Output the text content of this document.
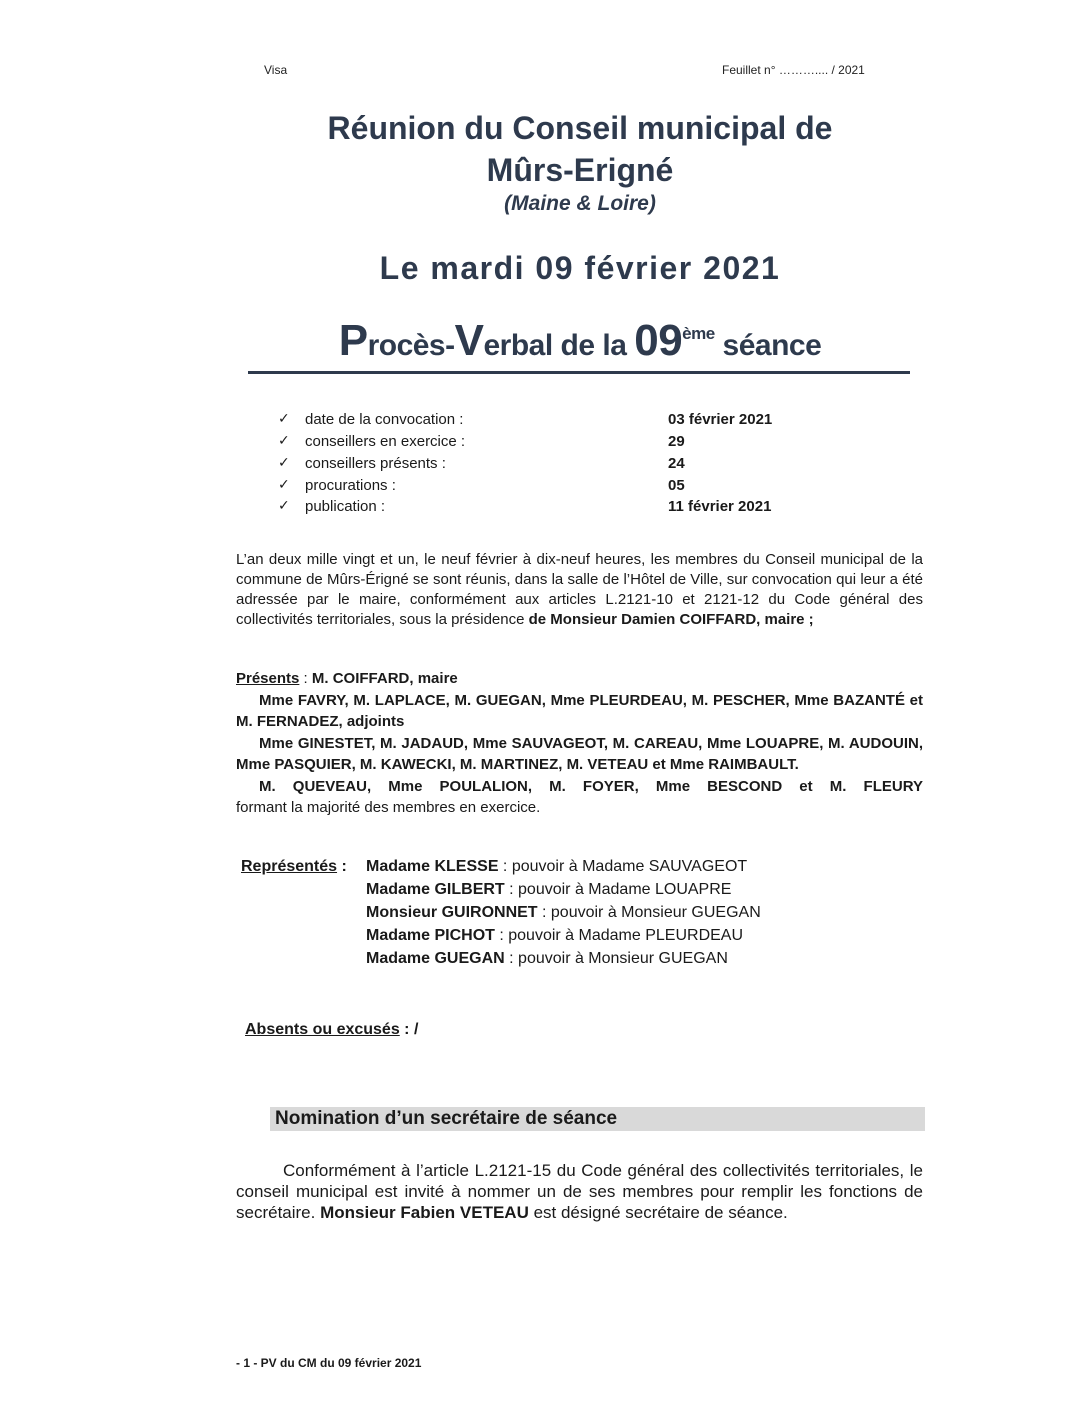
Visa	Feuillet n° ……….... / 2021
Réunion du Conseil municipal de
Mûrs-Erigné
(Maine & Loire)
Le mardi 09 février 2021
Procès-Verbal de la 09ème séance
✓ date de la convocation :	03 février 2021
✓ conseillers en exercice :	29
✓ conseillers présents :	24
✓ procurations :	05
✓ publication :	11 février 2021
L’an deux mille vingt et un, le neuf février à dix-neuf heures, les membres du Conseil municipal de la commune de Mûrs-Érigné se sont réunis, dans la salle de l’Hôtel de Ville, sur convocation qui leur a été adressée par le maire, conformément aux articles L.2121-10 et 2121-12 du Code général des collectivités territoriales, sous la présidence de Monsieur Damien COIFFARD, maire ;
Présents : M. COIFFARD, maire
Mme FAVRY, M. LAPLACE, M. GUEGAN, Mme PLEURDEAU, M. PESCHER, Mme BAZANTÉ et M. FERNADEZ, adjoints
Mme GINESTET, M. JADAUD, Mme SAUVAGEOT, M. CAREAU, Mme LOUAPRE, M. AUDOUIN, Mme PASQUIER, M. KAWECKI, M. MARTINEZ, M. VETEAU et Mme RAIMBAULT.
M. QUEVEAU, Mme POULALION, M. FOYER, Mme BESCOND et M. FLEURY
formant la majorité des membres en exercice.
Représentés : Madame KLESSE : pouvoir à Madame SAUVAGEOT
Madame GILBERT : pouvoir à Madame LOUAPRE
Monsieur GUIRONNET : pouvoir à Monsieur GUEGAN
Madame PICHOT : pouvoir à Madame PLEURDEAU
Madame GUEGAN : pouvoir à Monsieur GUEGAN
Absents ou excusés : /
Nomination d’un secrétaire de séance
Conformément à l’article L.2121-15 du Code général des collectivités territoriales, le conseil municipal est invité à nommer un de ses membres pour remplir les fonctions de secrétaire. Monsieur Fabien VETEAU est désigné secrétaire de séance.
- 1 - PV du CM du 09 février 2021
